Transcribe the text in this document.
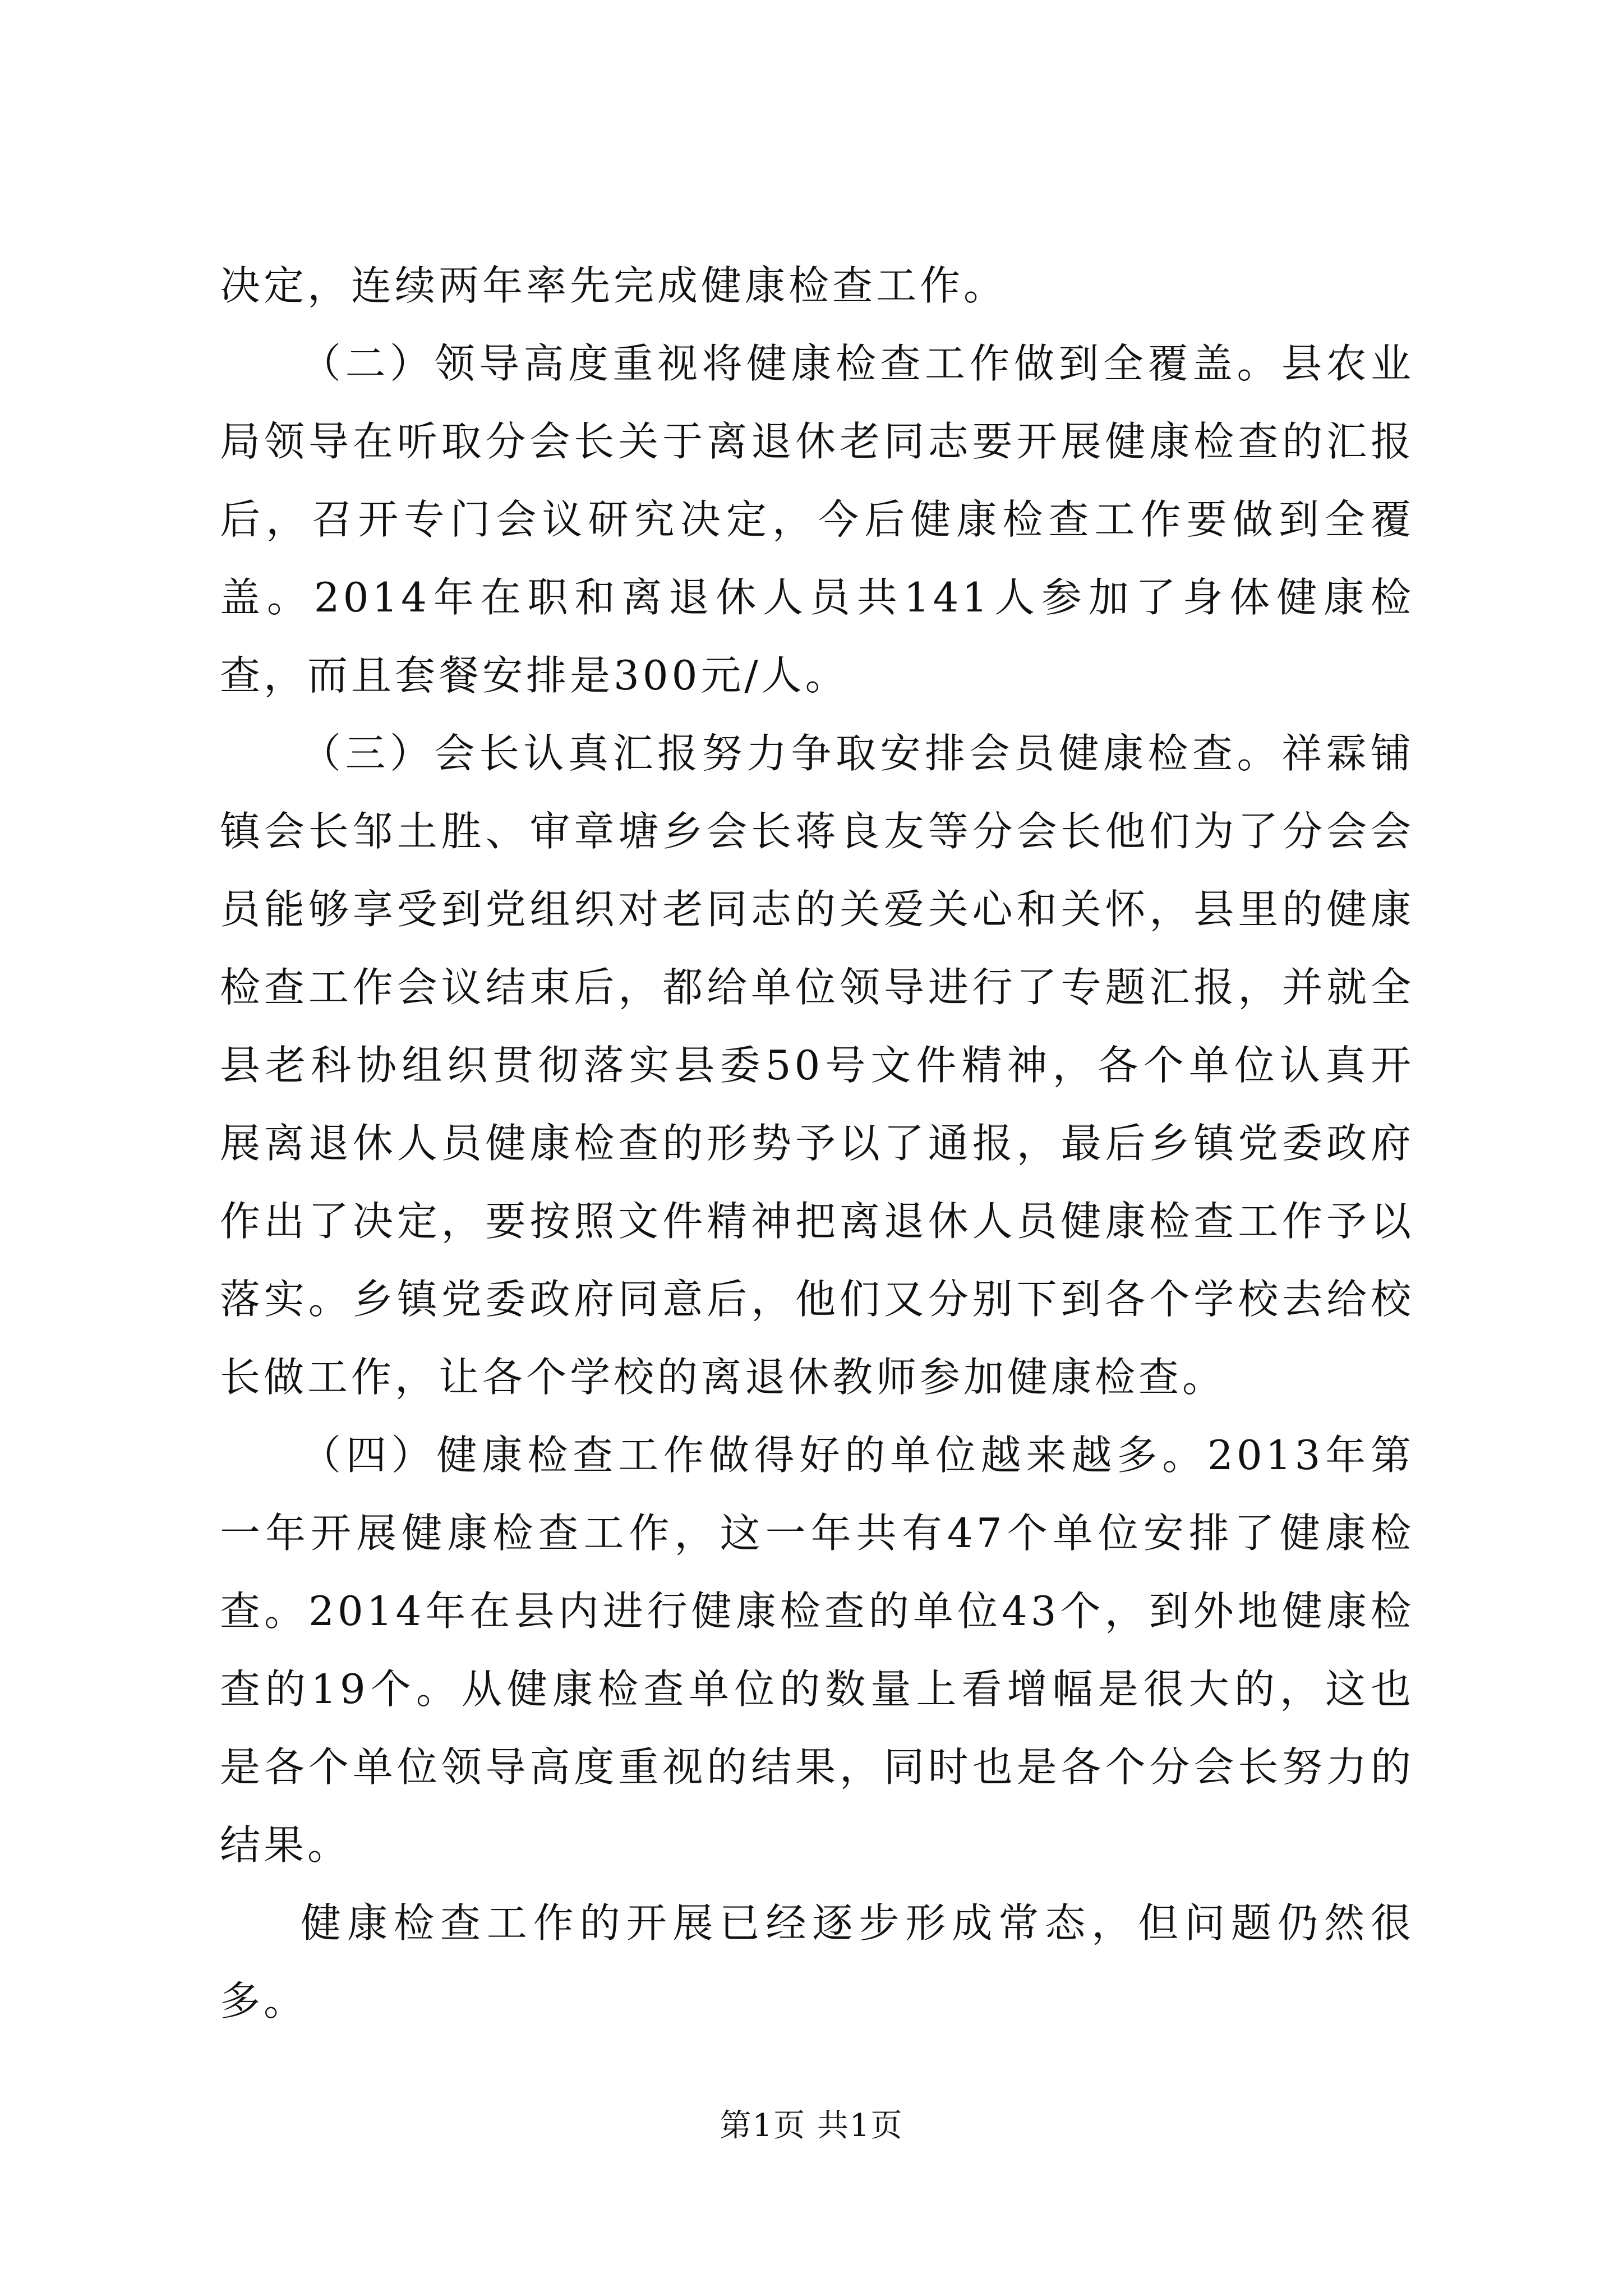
决定，连续两年率先完成健康检查工作。

（二）领导高度重视将健康检查工作做到全覆盖。县农业局领导在听取分会长关于离退休老同志要开展健康检查的汇报后，召开专门会议研究决定，今后健康检查工作要做到全覆盖。2014年在职和离退休人员共141人参加了身体健康检查，而且套餐安排是300元/人。

（三）会长认真汇报努力争取安排会员健康检查。祥霖铺镇会长邹土胜、审章塘乡会长蒋良友等分会长他们为了分会会员能够享受到党组织对老同志的关爱关心和关怀，县里的健康检查工作会议结束后，都给单位领导进行了专题汇报，并就全县老科协组织贯彻落实县委50号文件精神，各个单位认真开展离退休人员健康检查的形势予以了通报，最后乡镇党委政府作出了决定，要按照文件精神把离退休人员健康检查工作予以落实。乡镇党委政府同意后，他们又分别下到各个学校去给校长做工作，让各个学校的离退休教师参加健康检查。

（四）健康检查工作做得好的单位越来越多。2013年第一年开展健康检查工作，这一年共有47个单位安排了健康检查。2014年在县内进行健康检查的单位43个，到外地健康检查的19个。从健康检查单位的数量上看增幅是很大的，这也是各个单位领导高度重视的结果，同时也是各个分会长努力的结果。

健康检查工作的开展已经逐步形成常态，但问题仍然很多。

第1页 共1页
